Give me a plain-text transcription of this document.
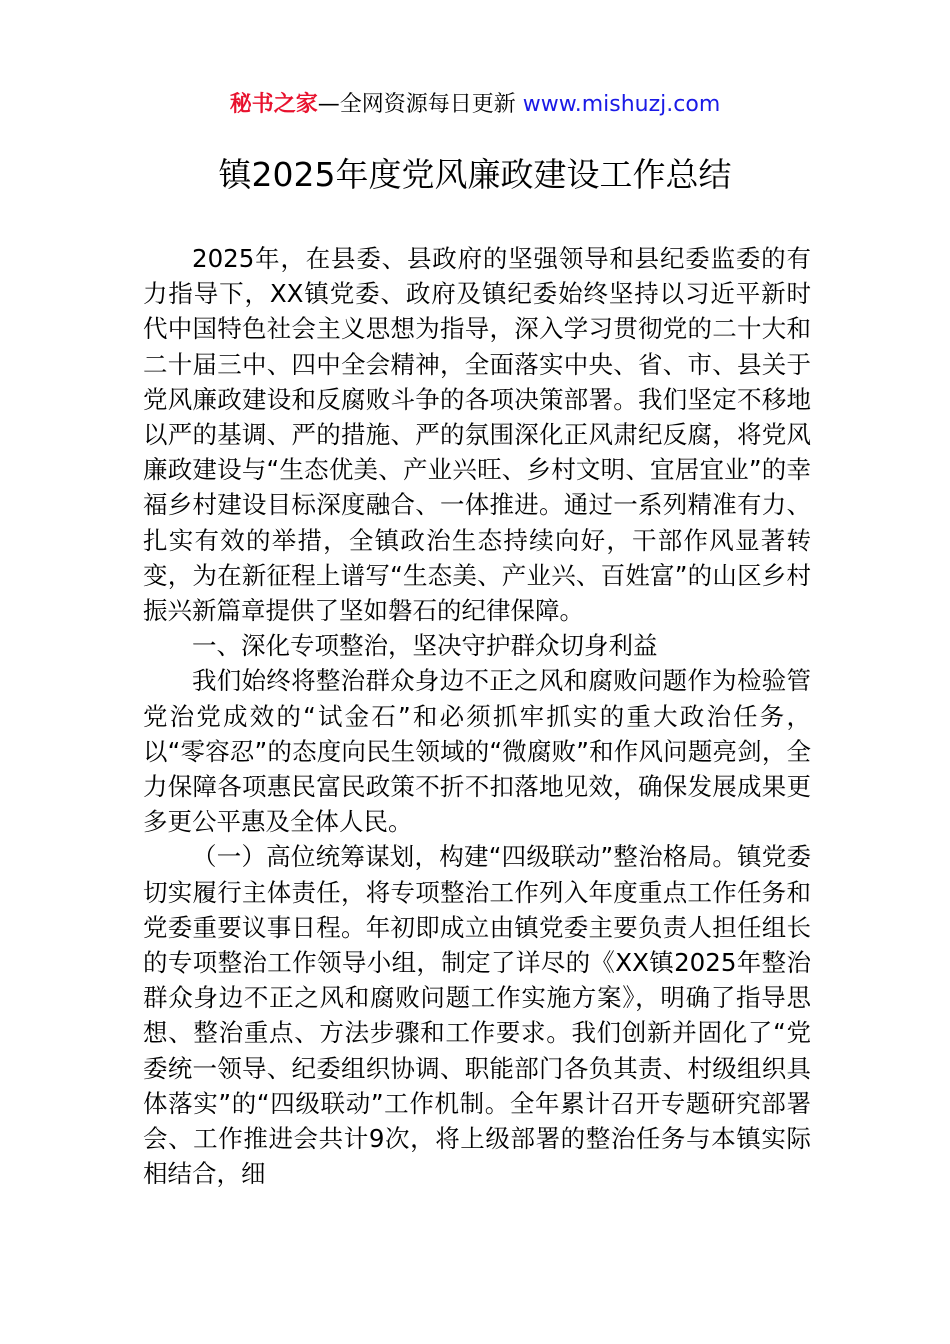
秘书之家—全网资源每日更新 www.mishuzj.com
镇2025年度党风廉政建设工作总结

2025年，在县委、县政府的坚强领导和县纪委监委的有力指导下，XX镇党委、政府及镇纪委始终坚持以习近平新时代中国特色社会主义思想为指导，深入学习贯彻党的二十大和二十届三中、四中全会精神，全面落实中央、省、市、县关于党风廉政建设和反腐败斗争的各项决策部署。我们坚定不移地以严的基调、严的措施、严的氛围深化正风肃纪反腐，将党风廉政建设与“生态优美、产业兴旺、乡村文明、宜居宜业”的幸福乡村建设目标深度融合、一体推进。通过一系列精准有力、扎实有效的举措，全镇政治生态持续向好，干部作风显著转变，为在新征程上谱写“生态美、产业兴、百姓富”的山区乡村振兴新篇章提供了坚如磐石的纪律保障。

一、深化专项整治，坚决守护群众切身利益

我们始终将整治群众身边不正之风和腐败问题作为检验管党治党成效的“试金石”和必须抓牢抓实的重大政治任务，以“零容忍”的态度向民生领域的“微腐败”和作风问题亮剑，全力保障各项惠民富民政策不折不扣落地见效，确保发展成果更多更公平惠及全体人民。

（一）高位统筹谋划，构建“四级联动”整治格局。镇党委切实履行主体责任，将专项整治工作列入年度重点工作任务和党委重要议事日程。年初即成立由镇党委主要负责人担任组长的专项整治工作领导小组，制定了详尽的《XX镇2025年整治群众身边不正之风和腐败问题工作实施方案》，明确了指导思想、整治重点、方法步骤和工作要求。我们创新并固化了“党委统一领导、纪委组织协调、职能部门各负其责、村级组织具体落实”的“四级联动”工作机制。全年累计召开专题研究部署会、工作推进会共计9次，将上级部署的整治任务与本镇实际相结合，细
